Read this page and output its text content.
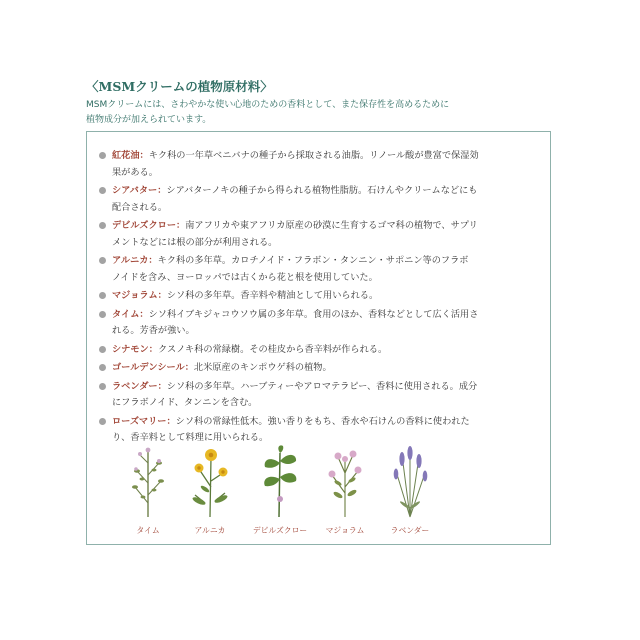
〈MSMクリームの植物原材料〉
MSMクリームには、さわやかな使い心地のための香料として、また保存性を高めるために
植物成分が加えられています。
紅花油：キク科の一年草ベニバナの種子から採取される油脂。リノール酸が豊富で保湿効
果がある。
シアバター：シアバターノキの種子から得られる植物性脂肪。石けんやクリームなどにも
配合される。
デビルズクロー：南アフリカや東アフリカ原産の砂漠に生育するゴマ科の植物で、サプリ
メントなどには根の部分が利用される。
アルニカ：キク科の多年草。カロチノイド・フラボン・タンニン・サポニン等のフラボ
ノイドを含み、ヨーロッパでは古くから花と根を使用していた。
マジョラム：シソ科の多年草。香辛料や精油として用いられる。
タイム：シソ科イブキジャコウソウ属の多年草。食用のほか、香料などとして広く活用さ
れる。芳香が強い。
シナモン：クスノキ科の常緑樹。その桂皮から香辛料が作られる。
ゴールデンシール：北米原産のキンポウゲ科の植物。
ラベンダー：シソ科の多年草。ハーブティーやアロマテラピー、香料に使用される。成分
にフラボノイド、タンニンを含む。
ローズマリー：シソ科の常緑性低木。強い香りをもち、香水や石けんの香料に使われた
り、香辛料として料理に用いられる。
タイム	アルニカ	デビルズクロー	マジョラム	ラベンダー
